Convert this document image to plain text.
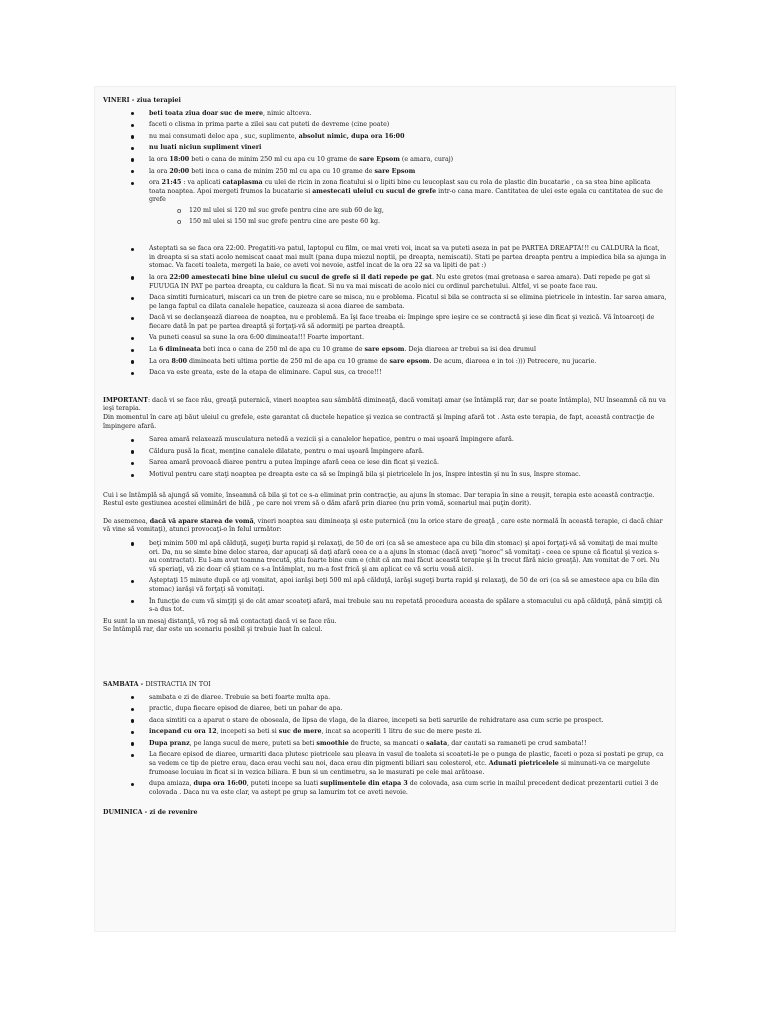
VINERI - ziua terapiei

beti toata ziua doar suc de mere, nimic altceva.
faceti o clisma in prima parte a zilei sau cat puteti de devreme (cine poate)
nu mai consumati deloc apa , suc, suplimente, absolut nimic, dupa ora 16:00
nu luati niciun supliment vineri
la ora 18:00 beti o cana de minim 250 ml cu apa cu 10 grame de sare Epsom (e amara, curaj)
la ora 20:00 beti inca o cana de minim 250 ml cu apa cu 10 grame de sare Epsom
ora 21:45 : va aplicati cataplasma cu ulei de ricin in zona ficatului si o lipiti bine cu leucoplast sau cu rola de plastic din bucatarie , ca sa stea bine aplicata toata noaptea. Apoi mergeti frumos la bucatarie si amestecati uleiul cu sucul de grefe intr-o cana mare. Cantitatea de ulei este egala cu cantitatea de suc de grefe
o 120 ml ulei si 120 ml suc grefe pentru cine are sub 60 de kg,
o 150 ml ulei si 150 ml suc grefe pentru cine are peste 60 kg.
Asteptati sa se faca ora 22:00. Pregatiti-va patul, laptopul cu film, ce mai vreti voi, incat sa va puteti aseza in pat pe PARTEA DREAPTA!!! cu CALDURA la ficat, in dreapta si sa stati acolo nemiscat caaat mai mult (pana dupa miezul noptii, pe dreapta, nemiscati). Stati pe partea dreapta pentru a impiedica bila sa ajunga in stomac. Va faceti toaleta, mergeti la baie, ce aveti voi nevoie, astfel incat de la ora 22 sa va lipiti de pat :)
la ora 22:00 amestecati bine bine uleiul cu sucul de grefe si il dati repede pe gat. Nu este gretos (mai gretoasa e sarea amara). Dati repede pe gat si FUUUGA IN PAT pe partea dreapta, cu caldura la ficat. Si nu va mai miscati de acolo nici cu ordinul parchetului. Altfel, vi se poate face rau.
Daca simtiti furnicaturi, miscari ca un tren de pietre care se misca, nu e problema. Ficatul si bila se contracta si se elimina pietricele in intestin. Iar sarea amara, pe langa faptul ca dilata canalele hepatice, cauzeaza si acea diaree de sambata.
Dacă vi se declanşează diareea de noaptea, nu e problemă. Ea îşi face treaba ei: împinge spre ieşire ce se contractă şi iese din ficat şi vezică. Vă întoarceţi de fiecare dată în pat pe partea dreaptă şi forţaţi-vă să adormiţi pe partea dreaptă.
Va puneti ceasul sa sune la ora 6:00 dimineata!!! Foarte important.
La 6 dimineata beti inca o cana de 250 ml de apa cu 10 grame de sare epsom. Deja diareea ar trebui sa isi dea drumul
La ora 8:00 dimineata beti ultima portie de 250 ml de apa cu 10 grame de sare epsom. De acum, diareea e in toi :))) Petrecere, nu jucarie.
Daca va este greata, este de la etapa de eliminare. Capul sus, ca trece!!!

IMPORTANT: dacă vi se face rău, greaţă puternică, vineri noaptea sau sâmbătă dimineaţă, dacă vomitaţi amar (se întâmplă rar, dar se poate întâmpla), NU înseamnă că nu va ieşi terapia.

Din momentul în care aţi băut uleiul cu grefele, este garantat că ductele hepatice şi vezica se contractă şi împing afară tot . Asta este terapia, de fapt, această contracţie de împingere afară.

Sarea amară relaxează musculatura netedă a vezicii şi a canalelor hepatice, pentru o mai uşoară împingere afară.
Căldura pusă la ficat, menţine canalele dilatate, pentru o mai uşoară împingere afară.
Sarea amară provoacă diaree pentru a putea împinge afară ceea ce iese din ficat şi vezică.
Motivul pentru care staţi noaptea pe dreapta este ca să se împingă bila şi pietricelele în jos, înspre intestin şi nu în sus, înspre stomac.

Cui i se întâmplă să ajungă să vomite, înseamnă că bila şi tot ce s-a eliminat prin contracţie, au ajuns în stomac. Dar terapia în sine a reuşit, terapia este această contracţie. Restul este gestiunea acestei eliminări de bilă , pe care noi vrem să o dăm afară prin diaree (nu prin vomă, scenariul mai puţin dorit).

De asemenea, dacă vă apare starea de vomă, vineri noaptea sau dimineaţa şi este puternică (nu la orice stare de greaţă , care este normală în această terapie, ci dacă chiar vă vine să vomitaţi), atunci provocaţi-o în felul următor:

beţi minim 500 ml apă călduţă, sugeţi burta rapid şi relaxaţi, de 50 de ori (ca să se amestece apa cu bila din stomac) şi apoi forţaţi-vă să vomitaţi de mai multe ori. Da, nu se simte bine deloc starea, dar apucaţi să daţi afară ceea ce a a ajuns în stomac (dacă aveţi "noroc" să vomitaţi - ceea ce spune că ficatul şi vezica s-au contractat). Eu l-am avut toamna trecută, ştiu foarte bine cum e (chit că am mai făcut această terapie şi în trecut fără nicio greaţă). Am vomitat de 7 ori. Nu vă speriaţi, vă zic doar că ştiam ce s-a întâmplat, nu m-a fost frică şi am aplicat ce vă scriu vouă aici).
Aşteptaţi 15 minute după ce aţi vomitat, apoi iarăşi beţi 500 ml apă călduţă, iarăşi sugeţi burta rapid şi relaxaţi, de 50 de ori (ca să se amestece apa cu bila din stomac) iarăşi vă forţaţi să vomitaţi.
În funcţie de cum vă simţiţi şi de cât amar scoateţi afară, mai trebuie sau nu repetată procedura aceasta de spălare a stomacului cu apă călduţă, până simţiţi că s-a dus tot.

Eu sunt la un mesaj distanţă, vă rog să mă contactaţi dacă vi se face rău.

Se întâmplă rar, dar este un scenariu posibil şi trebuie luat în calcul.

SAMBATA - DISTRACTIA IN TOI

sambata e zi de diaree. Trebuie sa beti foarte multa apa.
practic, dupa fiecare episod de diaree, beti un pahar de apa.
daca simtiti ca a aparut o stare de oboseala, de lipsa de vlaga, de la diaree, incepeti sa beti sarurile de rehidratare asa cum scrie pe prospect.
incepand cu ora 12, incepeti sa beti si suc de mere, incat sa acoperiti 1 litru de suc de mere peste zi.
Dupa pranz, pe langa sucul de mere, puteti sa beti smoothie de fructe, sa mancati o salata, dar cautati sa ramaneti pe crud sambata!!
La fiecare episod de diaree, urmariti daca plutesc pietricele sau pleava in vasul de toaleta si scoateti-le pe o punga de plastic, faceti o poza si postati pe grup, ca sa vedem ce tip de pietre erau, daca erau vechi sau noi, daca erau din pigmenti biliari sau colesterol, etc. Adunati pietricelele si minunati-va ce margelute frumoase locuiau in ficat si in vezica biliara. E bun si un centimetru, sa le masurati pe cele mai arătoase.
dupa amiaza, dupa ora 16:00, puteti incepe sa luati suplimentele din etapa 3 de colovada, asa cum scrie in mailul precedent dedicat prezentarii cutiei 3 de colovada . Daca nu va este clar, va astept pe grup sa lamurim tot ce aveti nevoie.

DUMINICA - zi de revenire
